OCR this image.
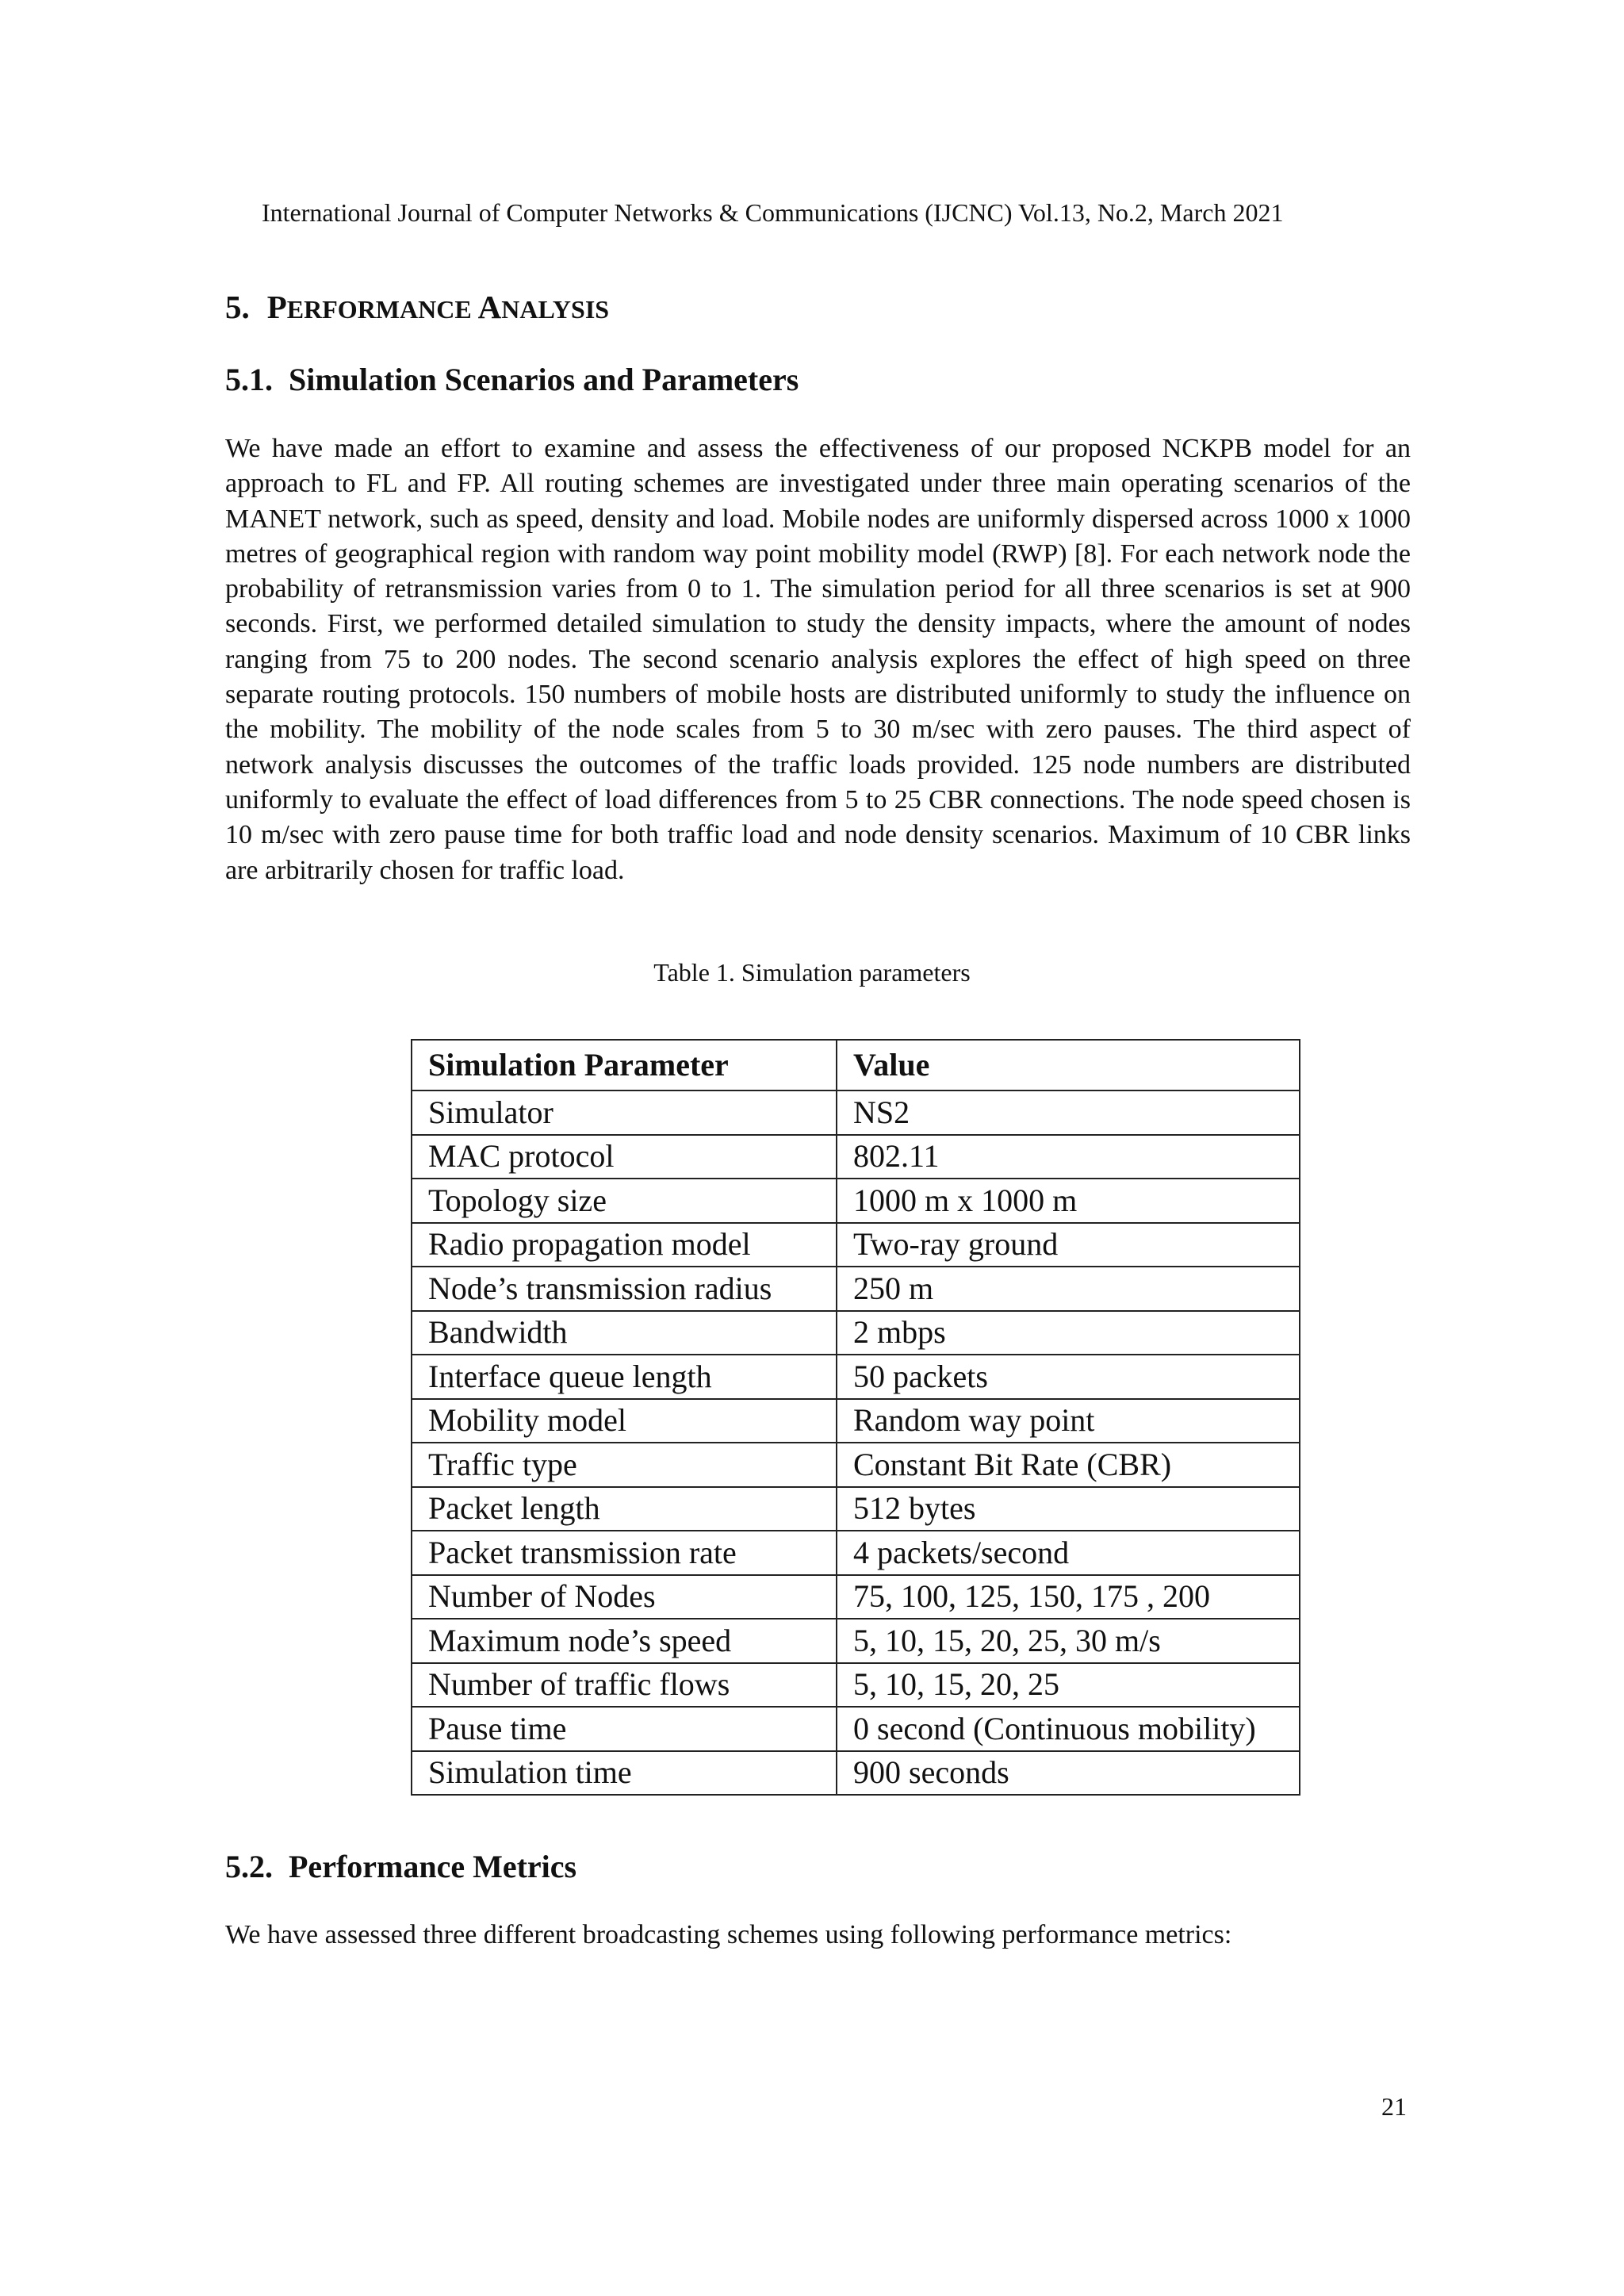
International Journal of Computer Networks & Communications (IJCNC) Vol.13, No.2, March 2021
5. PERFORMANCE ANALYSIS
5.1. Simulation Scenarios and Parameters

We have made an effort to examine and assess the effectiveness of our proposed NCKPB model for an approach to FL and FP. All routing schemes are investigated under three main operating scenarios of the MANET network, such as speed, density and load. Mobile nodes are uniformly dispersed across 1000 x 1000 metres of geographical region with random way point mobility model (RWP) [8]. For each network node the probability of retransmission varies from 0 to 1. The simulation period for all three scenarios is set at 900 seconds. First, we performed detailed simulation to study the density impacts, where the amount of nodes ranging from 75 to 200 nodes. The second scenario analysis explores the effect of high speed on three separate routing protocols. 150 numbers of mobile hosts are distributed uniformly to study the influence on the mobility. The mobility of the node scales from 5 to 30 m/sec with zero pauses. The third aspect of network analysis discusses the outcomes of the traffic loads provided. 125 node numbers are distributed uniformly to evaluate the effect of load differences from 5 to 25 CBR connections. The node speed chosen is 10 m/sec with zero pause time for both traffic load and node density scenarios. Maximum of 10 CBR links are arbitrarily chosen for traffic load.

Table 1. Simulation parameters
Simulation Parameter	Value
Simulator	NS2
MAC protocol	802.11
Topology size	1000 m x 1000 m
Radio propagation model	Two-ray ground
Node’s transmission radius	250 m
Bandwidth	2 mbps
Interface queue length	50 packets
Mobility model	Random way point
Traffic type	Constant Bit Rate (CBR)
Packet length	512 bytes
Packet transmission rate	4 packets/second
Number of Nodes	75, 100, 125, 150, 175 , 200
Maximum node’s speed	5, 10, 15, 20, 25, 30 m/s
Number of traffic flows	5, 10, 15, 20, 25
Pause time	0 second (Continuous mobility)
Simulation time	900 seconds
5.2. Performance Metrics

We have assessed three different broadcasting schemes using following performance metrics:

21
